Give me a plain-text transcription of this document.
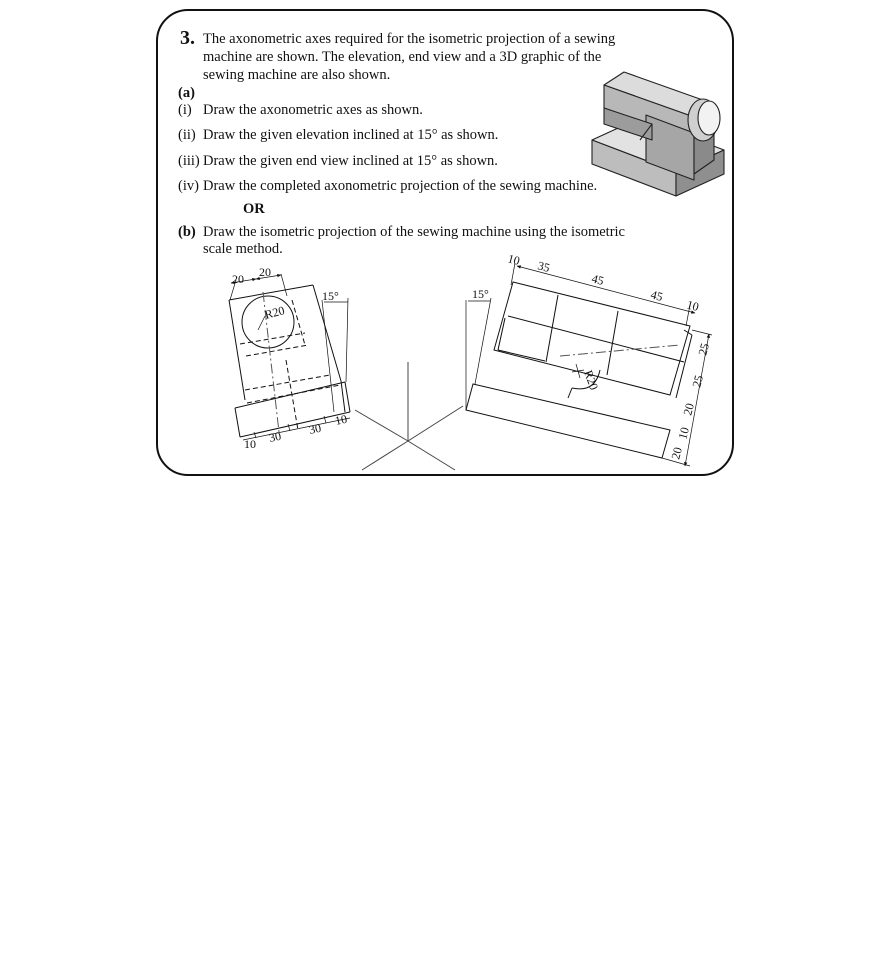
3. The axonometric axes required for the isometric projection of a sewing
machine are shown. The elevation, end view and a 3D graphic of the
sewing machine are also shown.
(a)
(i) Draw the axonometric axes as shown.
(ii) Draw the given elevation inclined at 15° as shown.
(iii) Draw the given end view inclined at 15° as shown.
(iv) Draw the completed axonometric projection of the sewing machine.
OR
(b) Draw the isometric projection of the sewing machine using the isometric
scale method.
20 20
R20
15°
10 30 30
10
15°
10 35
45
45
10
R20
25
25
20
10
20
